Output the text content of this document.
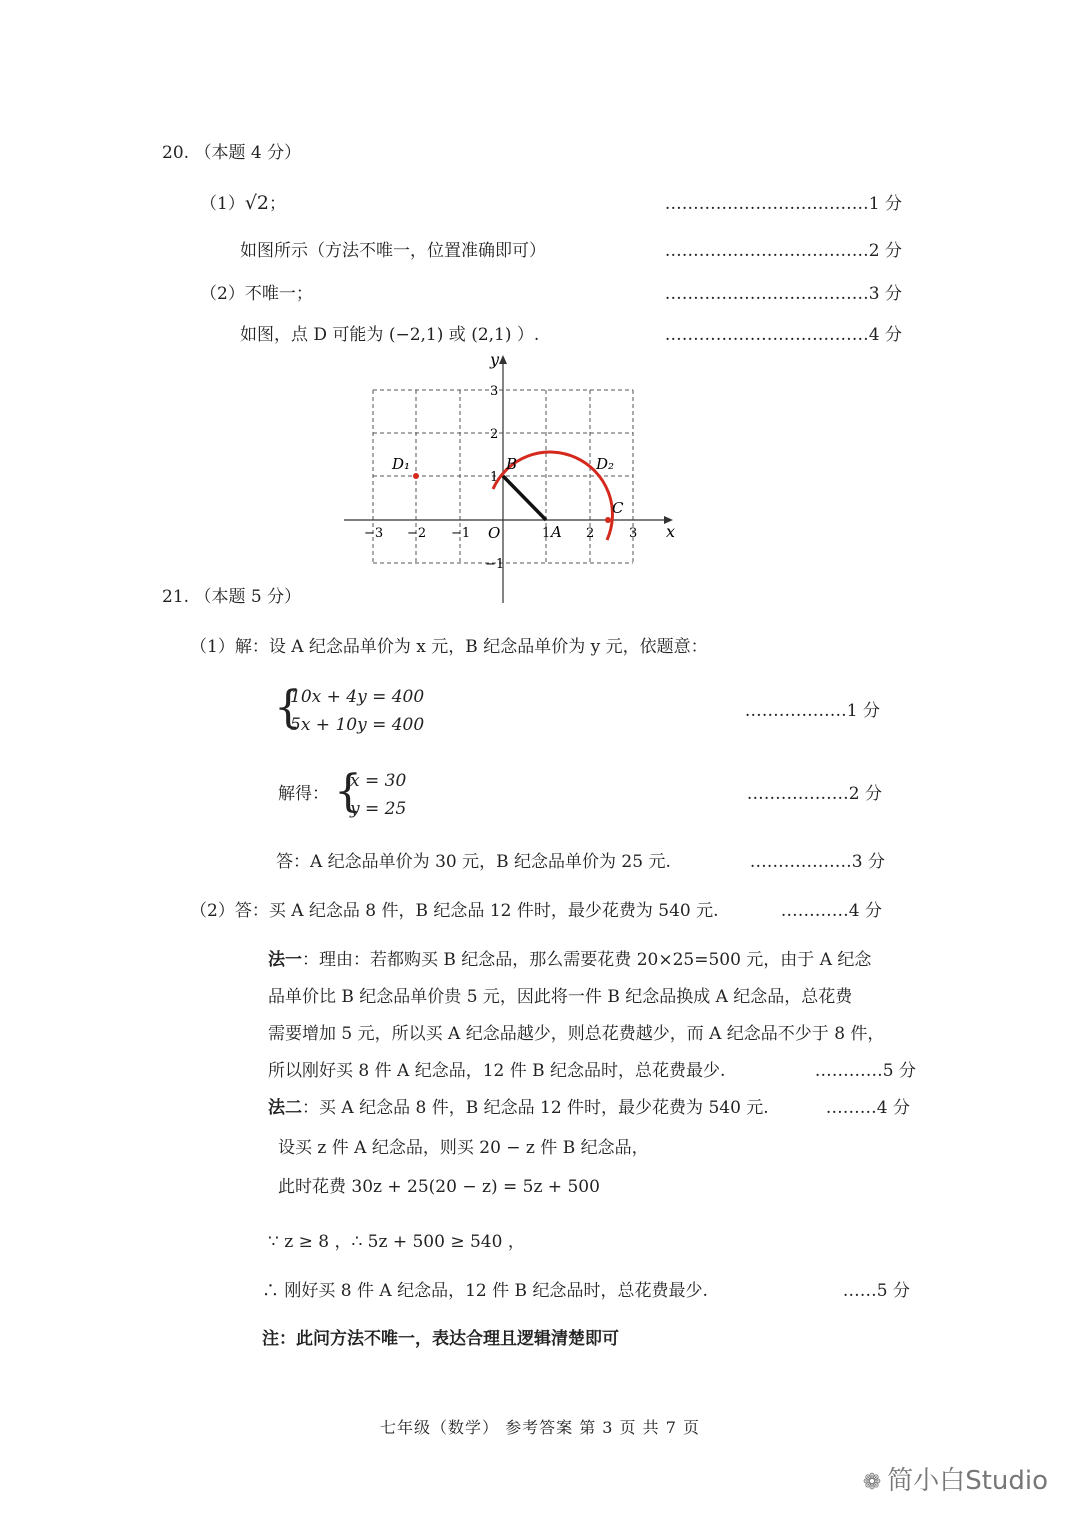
20. （本题 4 分）
（1）√2；	………………………………1 分
如图所示（方法不唯一，位置准确即可）	………………………………2 分
（2）不唯一；	………………………………3 分
如图，点 D 可能为 (−2,1) 或 (2,1) ）.	………………………………4 分
x
y
O
−3 −2 −1	1	2	3
3
2
1
−1
A
B
C
D₁	D₂
21. （本题 5 分）
（1）解：设 A 纪念品单价为 x 元，B 纪念品单价为 y 元，依题意：
{
10x + 4y = 400
5x + 10y = 400
………………1 分
解得： {
x = 30
y = 25
………………2 分
答：A 纪念品单价为 30 元，B 纪念品单价为 25 元.	………………3 分
（2）答：买 A 纪念品 8 件，B 纪念品 12 件时，最少花费为 540 元.	…………4 分
法一：理由：若都购买 B 纪念品，那么需要花费 20×25=500 元，由于 A 纪念
品单价比 B 纪念品单价贵 5 元，因此将一件 B 纪念品换成 A 纪念品，总花费
需要增加 5 元，所以买 A 纪念品越少，则总花费越少，而 A 纪念品不少于 8 件，
所以刚好买 8 件 A 纪念品，12 件 B 纪念品时，总花费最少.	…………5 分
法二：买 A 纪念品 8 件，B 纪念品 12 件时，最少花费为 540 元.	………4 分
设买 z 件 A 纪念品，则买 20 − z 件 B 纪念品，
此时花费 30z + 25(20 − z) = 5z + 500
∵ z ≥ 8 ，∴ 5z + 500 ≥ 540 ，
∴ 刚好买 8 件 A 纪念品，12 件 B 纪念品时，总花费最少.	……5 分
注：此问方法不唯一，表达合理且逻辑清楚即可
七年级（数学） 参考答案 第 3 页 共 7 页
❁ 简小白Studio
